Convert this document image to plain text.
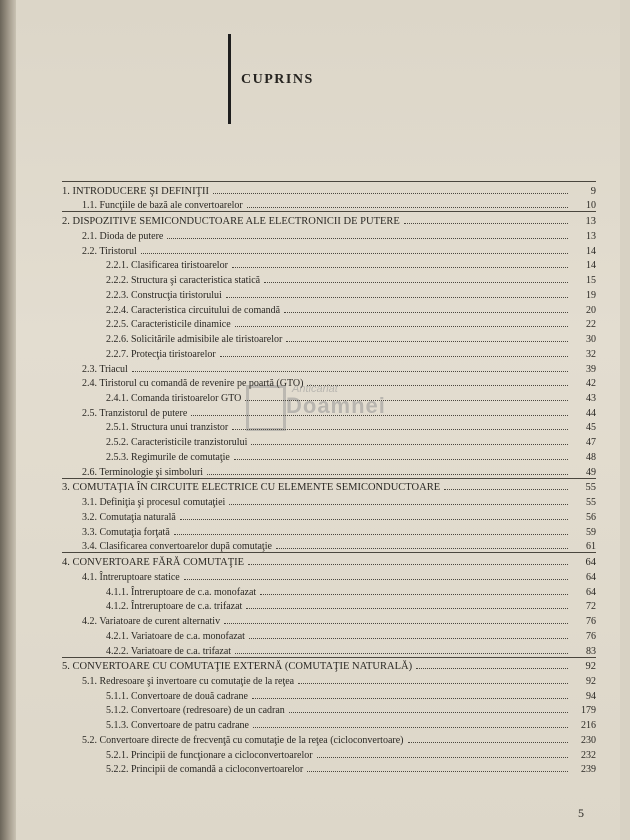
CUPRINS
Anticariat
Doamnei
5
1. INTRODUCERE ŞI DEFINIŢII	9
1.1. Funcţiile de bază ale convertoarelor	10
2. DISPOZITIVE SEMICONDUCTOARE ALE ELECTRONICII DE PUTERE	13
2.1. Dioda de putere	13
2.2. Tiristorul	14
2.2.1. Clasificarea tiristoarelor	14
2.2.2. Structura şi caracteristica statică	15
2.2.3. Construcţia tiristorului	19
2.2.4. Caracteristica circuitului de comandă	20
2.2.5. Caracteristicile dinamice	22
2.2.6. Solicitările admisibile ale tiristoarelor	30
2.2.7. Protecţia tiristoarelor	32
2.3. Triacul	39
2.4. Tiristorul cu comandă de revenire pe poartă (GTO)	42
2.4.1. Comanda tiristoarelor GTO	43
2.5. Tranzistorul de putere	44
2.5.1. Structura unui tranzistor	45
2.5.2. Caracteristicile tranzistorului	47
2.5.3. Regimurile de comutaţie	48
2.6. Terminologie şi simboluri	49
3. COMUTAŢIA ÎN CIRCUITE ELECTRICE CU ELEMENTE SEMICONDUCTOARE	55
3.1. Definiţia şi procesul comutaţiei	55
3.2. Comutaţia naturală	56
3.3. Comutaţia forţată	59
3.4. Clasificarea convertoarelor după comutaţie	61
4. CONVERTOARE FĂRĂ COMUTAŢIE	64
4.1. Întreruptoare statice	64
4.1.1. Întreruptoare de c.a. monofazat	64
4.1.2. Întreruptoare de c.a. trifazat	72
4.2. Variatoare de curent alternativ	76
4.2.1. Variatoare de c.a. monofazat	76
4.2.2. Variatoare de c.a. trifazat	83
5. CONVERTOARE CU COMUTAŢIE EXTERNĂ (COMUTAŢIE NATURALĂ)	92
5.1. Redresoare şi invertoare cu comutaţie de la reţea	92
5.1.1. Convertoare de două cadrane	94
5.1.2. Convertoare (redresoare) de un cadran	179
5.1.3. Convertoare de patru cadrane	216
5.2. Convertoare directe de frecvenţă cu comutaţie de la reţea (cicloconvertoare)	230
5.2.1. Principii de funcţionare a cicloconvertoarelor	232
5.2.2. Principii de comandă a cicloconvertoarelor	239
